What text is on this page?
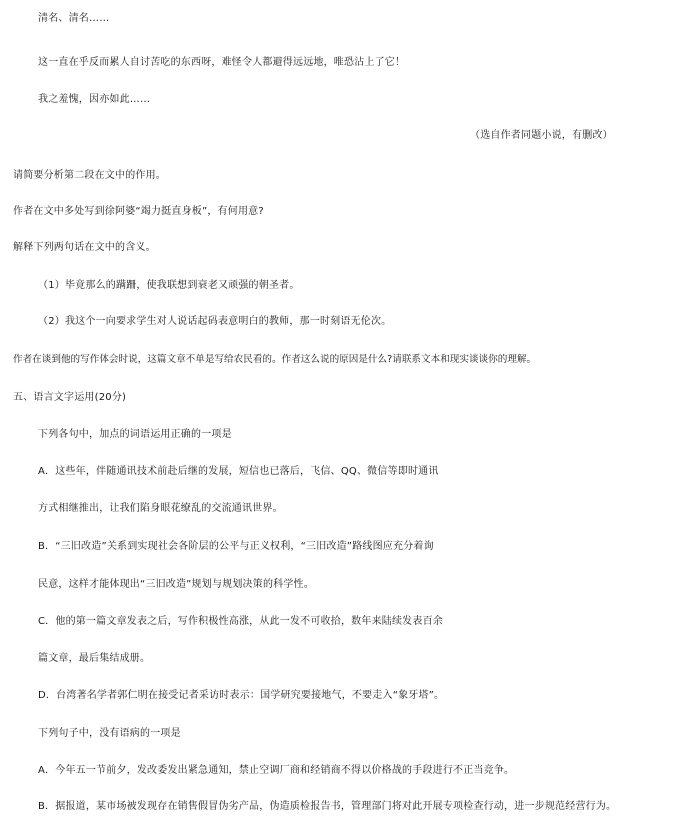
清名、清名……

这一直在乎反而累人自讨苦吃的东西呀，难怪令人都避得远远地，唯恐沾上了它！

我之羞愧，因亦如此……

（选自作者同题小说，有删改）

请简要分析第二段在文中的作用。

作者在文中多处写到徐阿婆“竭力挺直身板”，有何用意?

解释下列两句话在文中的含义。

（1）毕竟那么的蹒跚，使我联想到衰老又顽强的朝圣者。

（2）我这个一向要求学生对人说话起码表意明白的教师，那一时刻语无伦次。

作者在谈到他的写作体会时说，这篇文章不单是写给农民看的。作者这么说的原因是什么?请联系文本和现实谈谈你的理解。

五、语言文字运用(20分)

下列各句中，加点的词语运用正确的一项是

A．这些年，伴随通讯技术前赴后继的发展，短信也已落后，飞信、QQ、微信等即时通讯

方式相继推出，让我们陷身眼花缭乱的交流通讯世界。

B．“三旧改造”关系到实现社会各阶层的公平与正义权利，“三旧改造”路线图应充分着询

民意，这样才能体现出“三旧改造”规划与规划决策的科学性。

C．他的第一篇文章发表之后，写作积极性高涨，从此一发不可收拾，数年来陆续发表百余

篇文章，最后集结成册。

D．台湾著名学者郭仁明在接受记者采访时表示：国学研究要接地气，不要走入“象牙塔”。

下列句子中，没有语病的一项是

A．今年五一节前夕，发改委发出紧急通知，禁止空调厂商和经销商不得以价格战的手段进行不正当竞争。

B．据报道，某市场被发现存在销售假冒伪劣产品，伪造质检报告书，管理部门将对此开展专项检查行动，进一步规范经营行为。
